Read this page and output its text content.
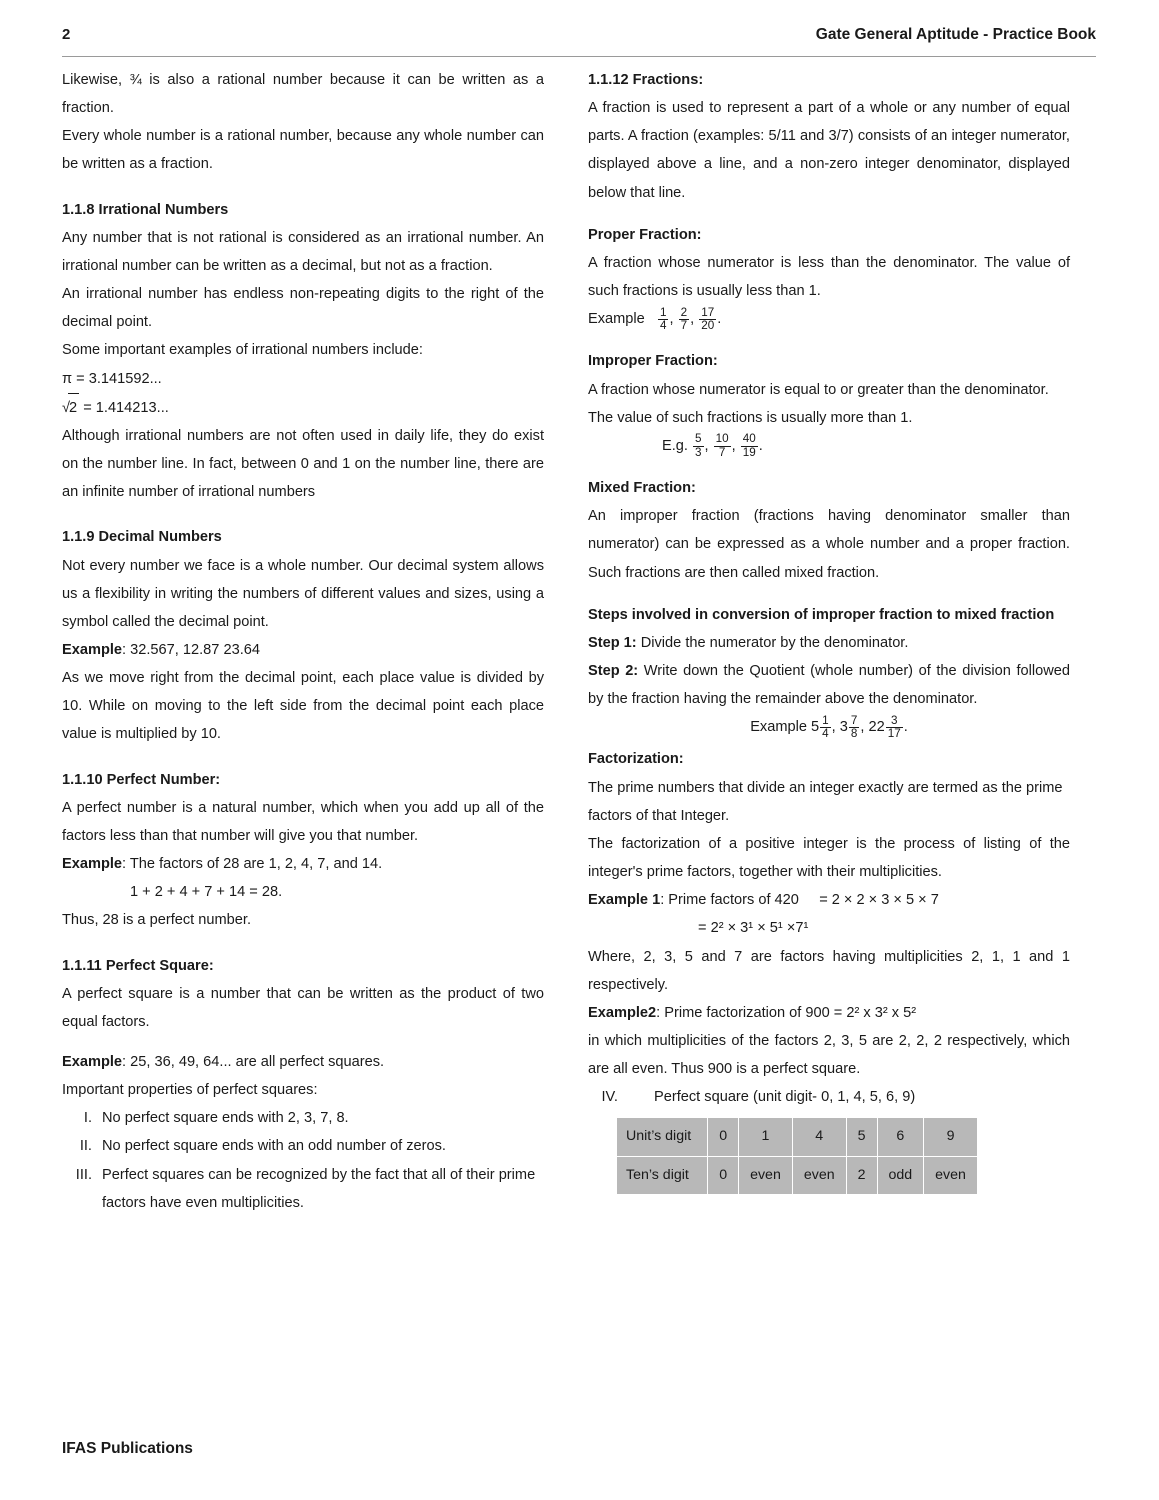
2	Gate General Aptitude - Practice Book

Likewise, ¾ is also a rational number because it can be written as a fraction.

Every whole number is a rational number, because any whole number can be written as a fraction.

1.1.8 Irrational Numbers

Any number that is not rational is considered as an irrational number. An irrational number can be written as a decimal, but not as a fraction.

An irrational number has endless non-repeating digits to the right of the decimal point.

Some important examples of irrational numbers include:

π = 3.141592...

√2 = 1.414213...

Although irrational numbers are not often used in daily life, they do exist on the number line. In fact, between 0 and 1 on the number line, there are an infinite number of irrational numbers

1.1.9 Decimal Numbers

Not every number we face is a whole number. Our decimal system allows us a flexibility in writing the numbers of different values and sizes, using a symbol called the decimal point.

Example: 32.567, 12.87 23.64

As we move right from the decimal point, each place value is divided by 10. While on moving to the left side from the decimal point each place value is multiplied by 10.

1.1.10 Perfect Number:

A perfect number is a natural number, which when you add up all of the factors less than that number will give you that number.

Example: The factors of 28 are 1, 2, 4, 7, and 14.

1 + 2 + 4 + 7 + 14 = 28.

Thus, 28 is a perfect number.

1.1.11 Perfect Square:

A perfect square is a number that can be written as the product of two equal factors.

Example: 25, 36, 49, 64... are all perfect squares.

Important properties of perfect squares:

I. No perfect square ends with 2, 3, 7, 8.
II. No perfect square ends with an odd number of zeros.
III. Perfect squares can be recognized by the fact that all of their prime factors have even multiplicities.

1.1.12 Fractions:

A fraction is used to represent a part of a whole or any number of equal parts. A fraction (examples: 5/11 and 3/7) consists of an integer numerator, displayed above a line, and a non-zero integer denominator, displayed below that line.

Proper Fraction:

A fraction whose numerator is less than the denominator. The value of such fractions is usually less than 1.

Example $\frac{1}{4}$ , $\frac{2}{7}$ , $\frac{17}{20}$ .

Improper Fraction:

A fraction whose numerator is equal to or greater than the denominator.

The value of such fractions is usually more than 1.

E.g. $\frac{5}{3}$ , $\frac{10}{7}$ , $\frac{40}{19}$ .

Mixed Fraction:

An improper fraction (fractions having denominator smaller than numerator) can be expressed as a whole number and a proper fraction. Such fractions are then called mixed fraction.

Steps involved in conversion of improper fraction to mixed fraction

Step 1: Divide the numerator by the denominator.

Step 2: Write down the Quotient (whole number) of the division followed by the fraction having the remainder above the denominator.

Example $5 \frac{1}{4}$ , $3 \frac{7}{8}$ , $22 \frac{3}{17}$ .

Factorization:

The prime numbers that divide an integer exactly are termed as the prime factors of that Integer.

The factorization of a positive integer is the process of listing of the integer's prime factors, together with their multiplicities.

Example 1: Prime factors of 420 = 2 × 2 × 3 × 5 × 7

= 2² × 3¹ × 5¹ ×7¹

Where, 2, 3, 5 and 7 are factors having multiplicities 2, 1, 1 and 1 respectively.

Example2: Prime factorization of 900 = 2² x 3² x 5²

in which multiplicities of the factors 2, 3, 5 are 2, 2, 2 respectively, which are all even. Thus 900 is a perfect square.

IV.	Perfect square (unit digit- 0, 1, 4, 5, 6, 9)
Unit’s digit	0	1	4	5	6	9
Ten’s digit	0	even	even	2	odd	even
IFAS Publications
